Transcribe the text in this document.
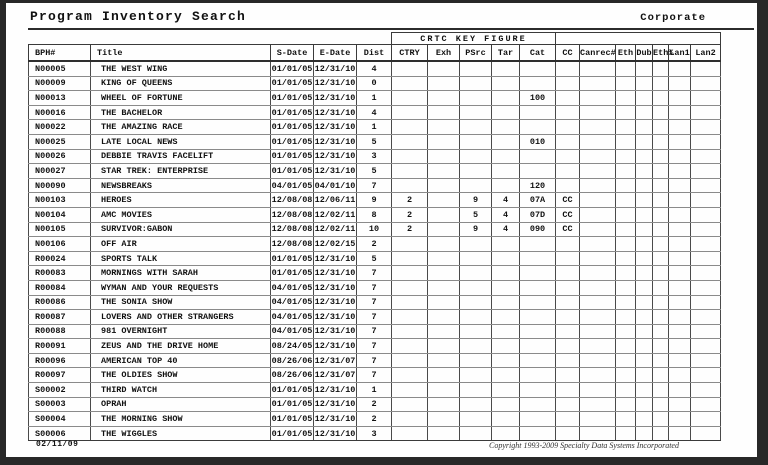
Program Inventory Search	Corporate
					CRTC KEY FIGURE											
BPH#	Title	S-Date	E-Date	Dist	CTRY	Exh	PSrc	Tar	Cat	CC	Canrec#	Eth	Dub	Eth%	Lan1	Lan2
N00005	THE WEST WING	01/01/05	12/31/10	4												
N00009	KING OF QUEENS	01/01/05	12/31/10	0												
N00013	WHEEL OF FORTUNE	01/01/05	12/31/10	1					100							
N00016	THE BACHELOR	01/01/05	12/31/10	4												
N00022	THE AMAZING RACE	01/01/05	12/31/10	1												
N00025	LATE LOCAL NEWS	01/01/05	12/31/10	5					010							
N00026	DEBBIE TRAVIS FACELIFT	01/01/05	12/31/10	3												
N00027	STAR TREK: ENTERPRISE	01/01/05	12/31/10	5												
N00090	NEWSBREAKS	04/01/05	04/01/10	7					120							
N00103	HEROES	12/08/08	12/06/11	9	2		9	4	07A	CC						
N00104	AMC MOVIES	12/08/08	12/02/11	8	2		5	4	07D	CC						
N00105	SURVIVOR:GABON	12/08/08	12/02/11	10	2		9	4	090	CC						
N00106	OFF AIR	12/08/08	12/02/15	2												
R00024	SPORTS TALK	01/01/05	12/31/10	5												
R00083	MORNINGS WITH SARAH	01/01/05	12/31/10	7												
R00084	WYMAN AND YOUR REQUESTS	04/01/05	12/31/10	7												
R00086	THE SONIA SHOW	04/01/05	12/31/10	7												
R00087	LOVERS AND OTHER STRANGERS	04/01/05	12/31/10	7												
R00088	981 OVERNIGHT	04/01/05	12/31/10	7												
R00091	ZEUS AND THE DRIVE HOME	08/24/05	12/31/10	7												
R00096	AMERICAN TOP 40	08/26/06	12/31/07	7												
R00097	THE OLDIES SHOW	08/26/06	12/31/07	7												
S00002	THIRD WATCH	01/01/05	12/31/10	1												
S00003	OPRAH	01/01/05	12/31/10	2												
S00004	THE MORNING SHOW	01/01/05	12/31/10	2												
S00006	THE WIGGLES	01/01/05	12/31/10	3												
02/11/09	Copyright 1993-2009 Specialty Data Systems Incorporated
